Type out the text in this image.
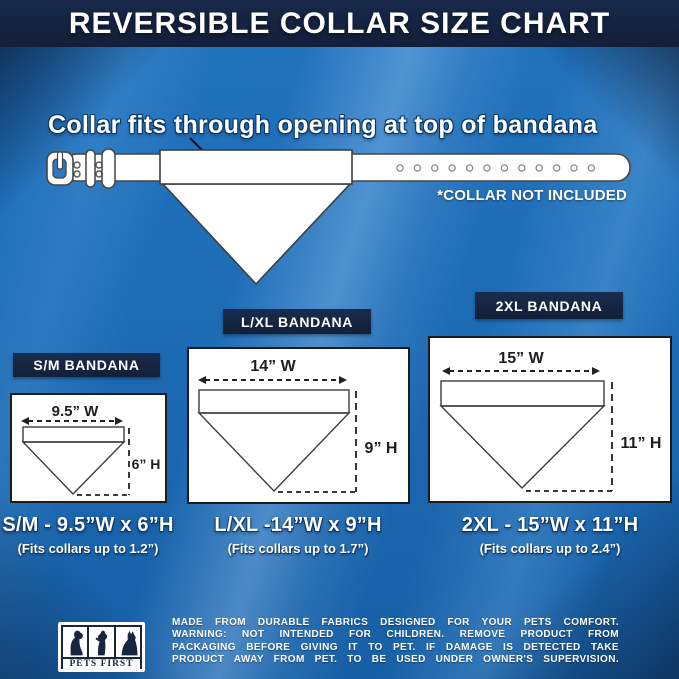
REVERSIBLE COLLAR SIZE CHART
Collar fits through opening at top of bandana
*COLLAR NOT INCLUDED
S/M BANDANA
L/XL BANDANA
2XL BANDANA
9.5” W
6” H
14” W
9” H
15” W
11” H
S/M - 9.5”W x 6”H
(Fits collars up to 1.2”)
L/XL -14”W x 9”H
(Fits collars up to 1.7”)
2XL - 15”W x 11”H
(Fits collars up to 2.4”)
PETS FIRST
MADE FROM DURABLE FABRICS DESIGNED FOR YOUR PETS COMFORT.
WARNING: NOT INTENDED FOR CHILDREN. REMOVE PRODUCT FROM
PACKAGING BEFORE GIVING IT TO PET. IF DAMAGE IS DETECTED TAKE
PRODUCT AWAY FROM PET. TO BE USED UNDER OWNER'S SUPERVISION.
